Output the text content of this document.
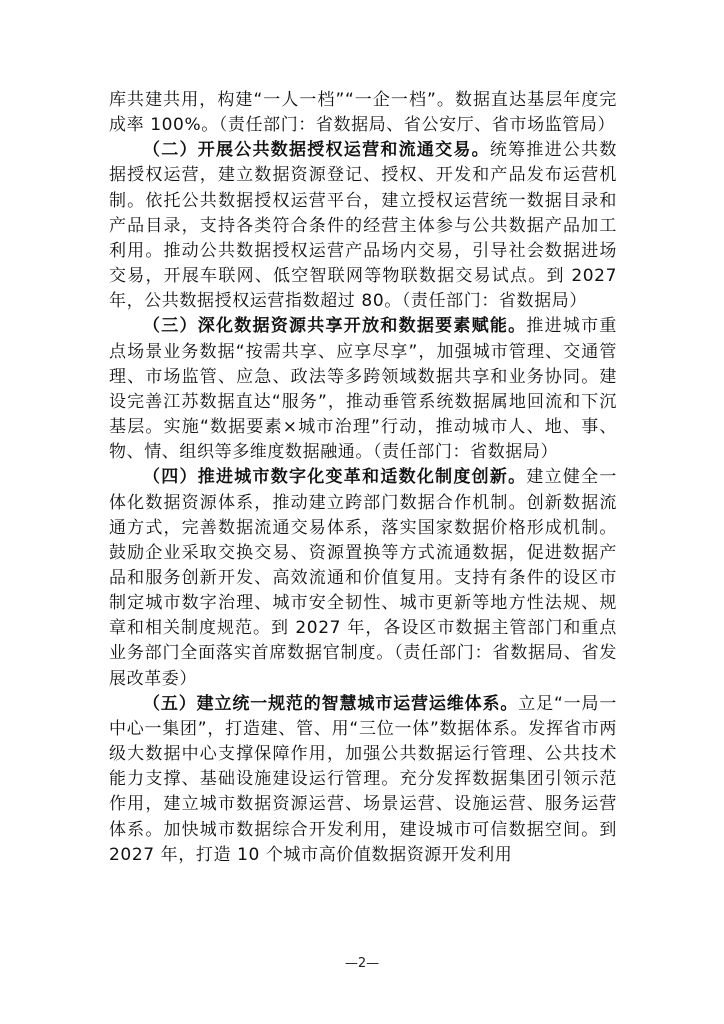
库共建共用，构建“一人一档”“一企一档”。数据直达基层年度完成率 100%。（责任部门：省数据局、省公安厅、省市场监管局）

（二）开展公共数据授权运营和流通交易。统筹推进公共数据授权运营，建立数据资源登记、授权、开发和产品发布运营机制。依托公共数据授权运营平台，建立授权运营统一数据目录和产品目录，支持各类符合条件的经营主体参与公共数据产品加工利用。推动公共数据授权运营产品场内交易，引导社会数据进场交易，开展车联网、低空智联网等物联数据交易试点。到 2027 年，公共数据授权运营指数超过 80。（责任部门：省数据局）

（三）深化数据资源共享开放和数据要素赋能。推进城市重点场景业务数据“按需共享、应享尽享”，加强城市管理、交通管理、市场监管、应急、政法等多跨领域数据共享和业务协同。建设完善江苏数据直达“服务”，推动垂管系统数据属地回流和下沉基层。实施“数据要素×城市治理”行动，推动城市人、地、事、物、情、组织等多维度数据融通。（责任部门：省数据局）

（四）推进城市数字化变革和适数化制度创新。建立健全一体化数据资源体系，推动建立跨部门数据合作机制。创新数据流通方式，完善数据流通交易体系，落实国家数据价格形成机制。鼓励企业采取交换交易、资源置换等方式流通数据，促进数据产品和服务创新开发、高效流通和价值复用。支持有条件的设区市制定城市数字治理、城市安全韧性、城市更新等地方性法规、规章和相关制度规范。到 2027 年，各设区市数据主管部门和重点业务部门全面落实首席数据官制度。（责任部门：省数据局、省发展改革委）

（五）建立统一规范的智慧城市运营运维体系。立足“一局一中心一集团”，打造建、管、用“三位一体”数据体系。发挥省市两级大数据中心支撑保障作用，加强公共数据运行管理、公共技术能力支撑、基础设施建设运行管理。充分发挥数据集团引领示范作用，建立城市数据资源运营、场景运营、设施运营、服务运营体系。加快城市数据综合开发利用，建设城市可信数据空间。到 2027 年，打造 10 个城市高价值数据资源开发利用

—2—
